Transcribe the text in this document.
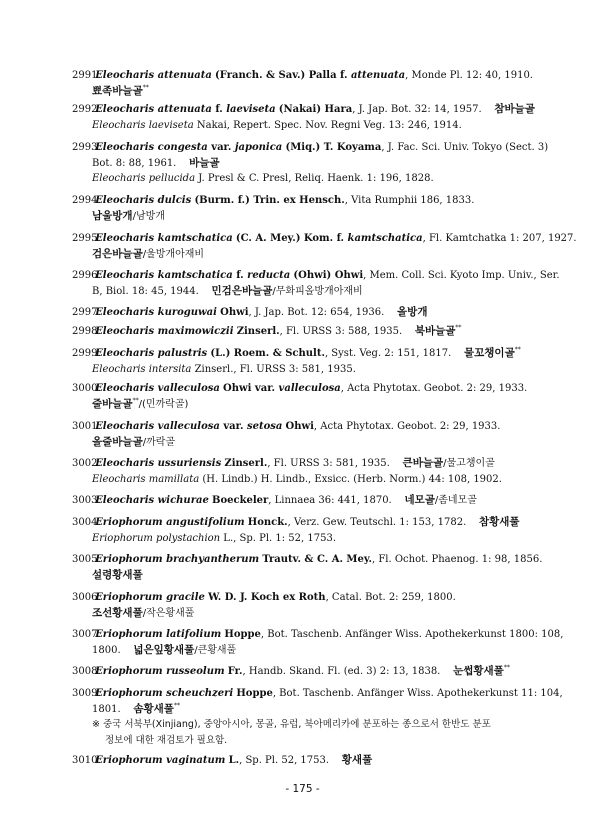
2991. Eleocharis attenuata (Franch. & Sav.) Palla f. attenuata, Monde Pl. 12: 40, 1910.
뾰족바늘골**
2992. Eleocharis attenuata f. laeviseta (Nakai) Hara, J. Jap. Bot. 32: 14, 1957. 참바늘골
Eleocharis laeviseta Nakai, Repert. Spec. Nov. Regni Veg. 13: 246, 1914.
2993. Eleocharis congesta var. japonica (Miq.) T. Koyama, J. Fac. Sci. Univ. Tokyo (Sect. 3)
Bot. 8: 88, 1961. 바늘골
Eleocharis pellucida J. Presl & C. Presl, Reliq. Haenk. 1: 196, 1828.
2994. Eleocharis dulcis (Burm. f.) Trin. ex Hensch., Vita Rumphii 186, 1833.
남울방개/남방개
2995. Eleocharis kamtschatica (C. A. Mey.) Kom. f. kamtschatica, Fl. Kamtchatka 1: 207, 1927.
검은바늘골/울방개아재비
2996. Eleocharis kamtschatica f. reducta (Ohwi) Ohwi, Mem. Coll. Sci. Kyoto Imp. Univ., Ser.
B, Biol. 18: 45, 1944. 민검은바늘골/무화피올방개아재비
2997. Eleocharis kuroguwai Ohwi, J. Jap. Bot. 12: 654, 1936. 올방개
2998. Eleocharis maximowiczii Zinserl., Fl. URSS 3: 588, 1935. 북바늘골**
2999. Eleocharis palustris (L.) Roem. & Schult., Syst. Veg. 2: 151, 1817. 물꼬챙이골**
Eleocharis intersita Zinserl., Fl. URSS 3: 581, 1935.
3000. Eleocharis valleculosa Ohwi var. valleculosa, Acta Phytotax. Geobot. 2: 29, 1933.
줄바늘골**/(민까락골)
3001. Eleocharis valleculosa var. setosa Ohwi, Acta Phytotax. Geobot. 2: 29, 1933.
올줄바늘골/까락골
3002. Eleocharis ussuriensis Zinserl., Fl. URSS 3: 581, 1935. 큰바늘골/물고챙이골
Eleocharis mamillata (H. Lindb.) H. Lindb., Exsicc. (Herb. Norm.) 44: 108, 1902.
3003. Eleocharis wichurae Boeckeler, Linnaea 36: 441, 1870. 네모골/좀네모골
3004. Eriophorum angustifolium Honck., Verz. Gew. Teutschl. 1: 153, 1782. 참황새풀
Eriophorum polystachion L., Sp. Pl. 1: 52, 1753.
3005. Eriophorum brachyantherum Trautv. & C. A. Mey., Fl. Ochot. Phaenog. 1: 98, 1856.
설령황새풀
3006. Eriophorum gracile W. D. J. Koch ex Roth, Catal. Bot. 2: 259, 1800.
조선황새풀/작은황새풀
3007. Eriophorum latifolium Hoppe, Bot. Taschenb. Anfänger Wiss. Apothekerkunst 1800: 108,
1800. 넓은잎황새풀/큰황새풀
3008. Eriophorum russeolum Fr., Handb. Skand. Fl. (ed. 3) 2: 13, 1838. 눈썹황새풀**
3009. Eriophorum scheuchzeri Hoppe, Bot. Taschenb. Anfänger Wiss. Apothekerkunst 11: 104,
1801. 솜황새풀**
※ 중국 서북부(Xinjiang), 중앙아시아, 몽골, 유럽, 북아메리카에 분포하는 종으로서 한반도 분포
정보에 대한 재검토가 필요함.
3010. Eriophorum vaginatum L., Sp. Pl. 52, 1753. 황새풀
- 175 -
